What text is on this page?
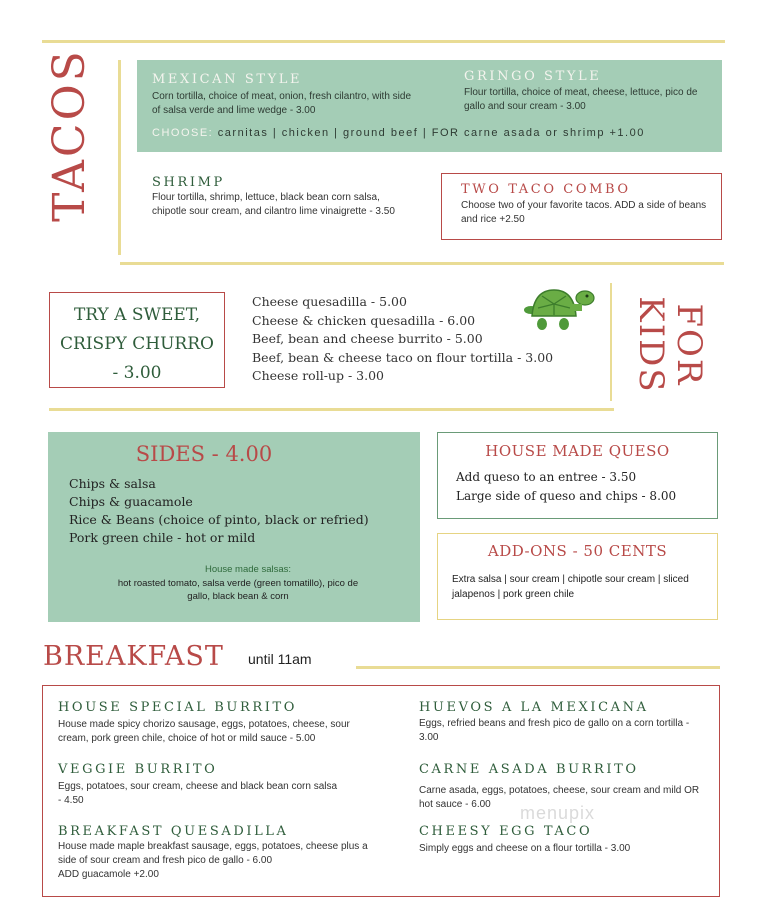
TACOS	MEXICAN STYLE
Corn tortilla, choice of meat, onion, fresh cilantro, with side of salsa verde and lime wedge - 3.00
GRINGO STYLE
Flour tortilla, choice of meat, cheese, lettuce, pico de gallo and sour cream - 3.00
CHOOSE: carnitas | chicken | ground beef | FOR carne asada or shrimp +1.00
SHRIMP
Flour tortilla, shrimp, lettuce, black bean corn salsa, chipotle sour cream, and cilantro lime vinaigrette - 3.50
TWO TACO COMBO
Choose two of your favorite tacos. ADD a side of beans and rice +2.50
TRY A SWEET, CRISPY CHURRO - 3.00
Cheese quesadilla - 5.00
Cheese & chicken quesadilla - 6.00
Beef, bean and cheese burrito - 5.00
Beef, bean & cheese taco on flour tortilla - 3.00
Cheese roll-up - 3.00	FOR KIDS
SIDES - 4.00
Chips & salsa
Chips & guacamole
Rice & Beans (choice of pinto, black or refried)
Pork green chile - hot or mild
House made salsas:
hot roasted tomato, salsa verde (green tomatillo), pico de gallo, black bean & corn
HOUSE MADE QUESO
Add queso to an entree - 3.50
Large side of queso and chips - 8.00
ADD-ONS - 50 CENTS
Extra salsa | sour cream | chipotle sour cream | sliced jalapenos | pork green chile
BREAKFAST until 11am
HOUSE SPECIAL BURRITO
House made spicy chorizo sausage, eggs, potatoes, cheese, sour cream, pork green chile, choice of hot or mild sauce - 5.00
VEGGIE BURRITO
Eggs, potatoes, sour cream, cheese and black bean corn salsa - 4.50
BREAKFAST QUESADILLA
House made maple breakfast sausage, eggs, potatoes, cheese plus a side of sour cream and fresh pico de gallo - 6.00
ADD guacamole +2.00
HUEVOS A LA MEXICANA
Eggs, refried beans and fresh pico de gallo on a corn tortilla - 3.00
CARNE ASADA BURRITO
Carne asada, eggs, potatoes, cheese, sour cream and mild OR hot sauce - 6.00
CHEESY EGG TACO
Simply eggs and cheese on a flour tortilla - 3.00
menupix
